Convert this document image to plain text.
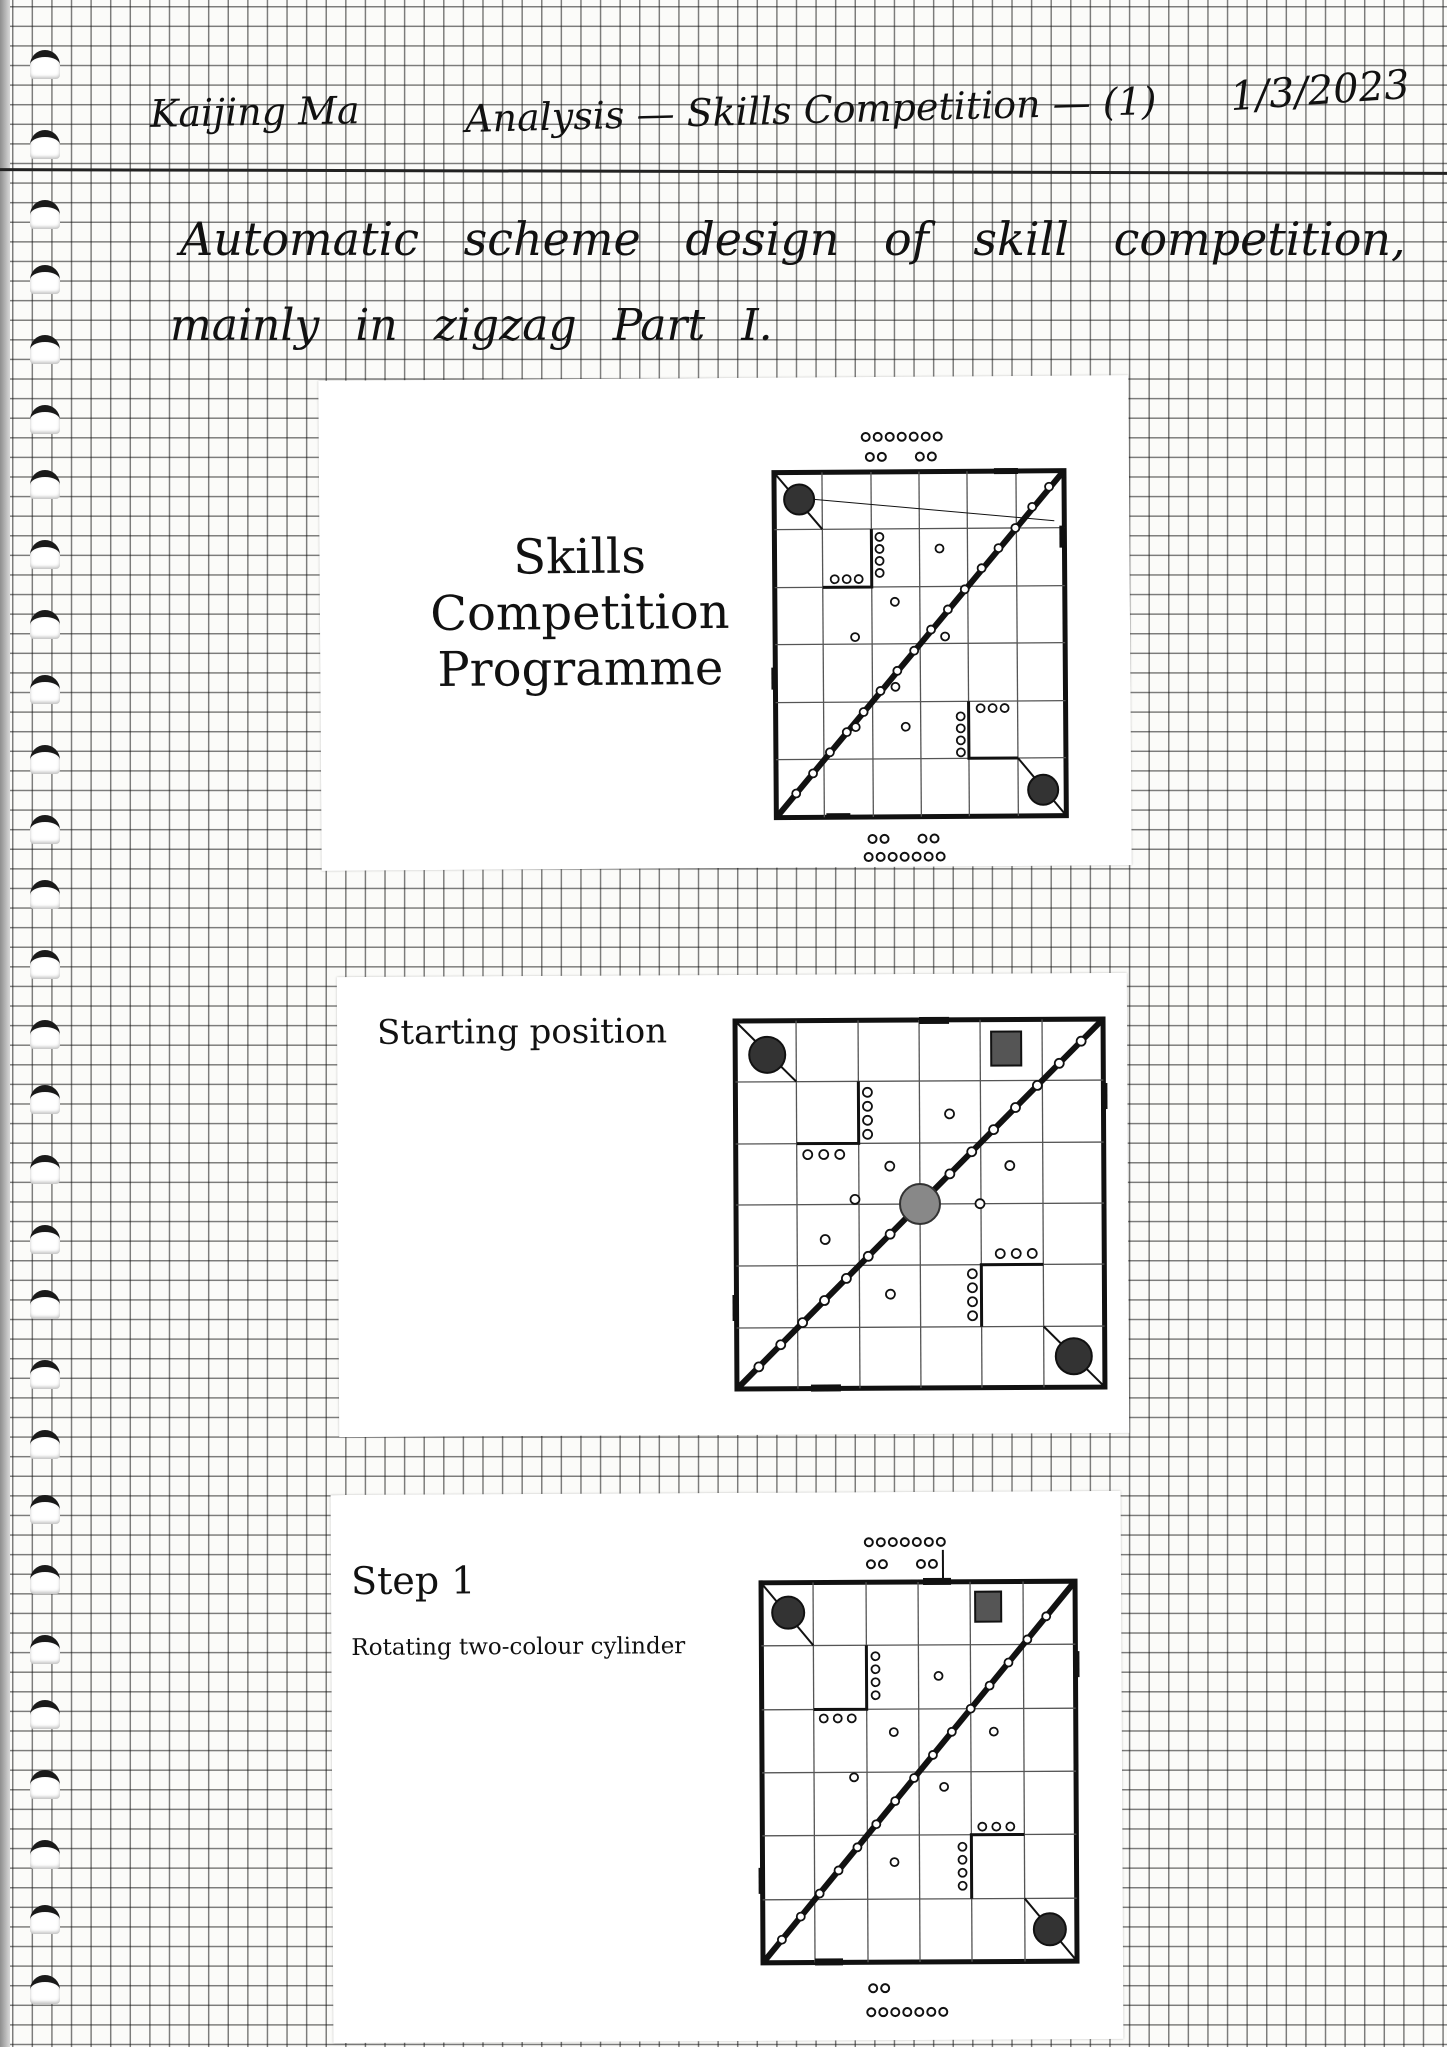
Kaijing Ma	Analysis — Skills Competition — (1) 1/3/2023
Automatic scheme design of skill competition,
mainly in zigzag Part I.
Skills
Competition
Programme
Starting position
Step 1
Rotating two-colour cylinder
